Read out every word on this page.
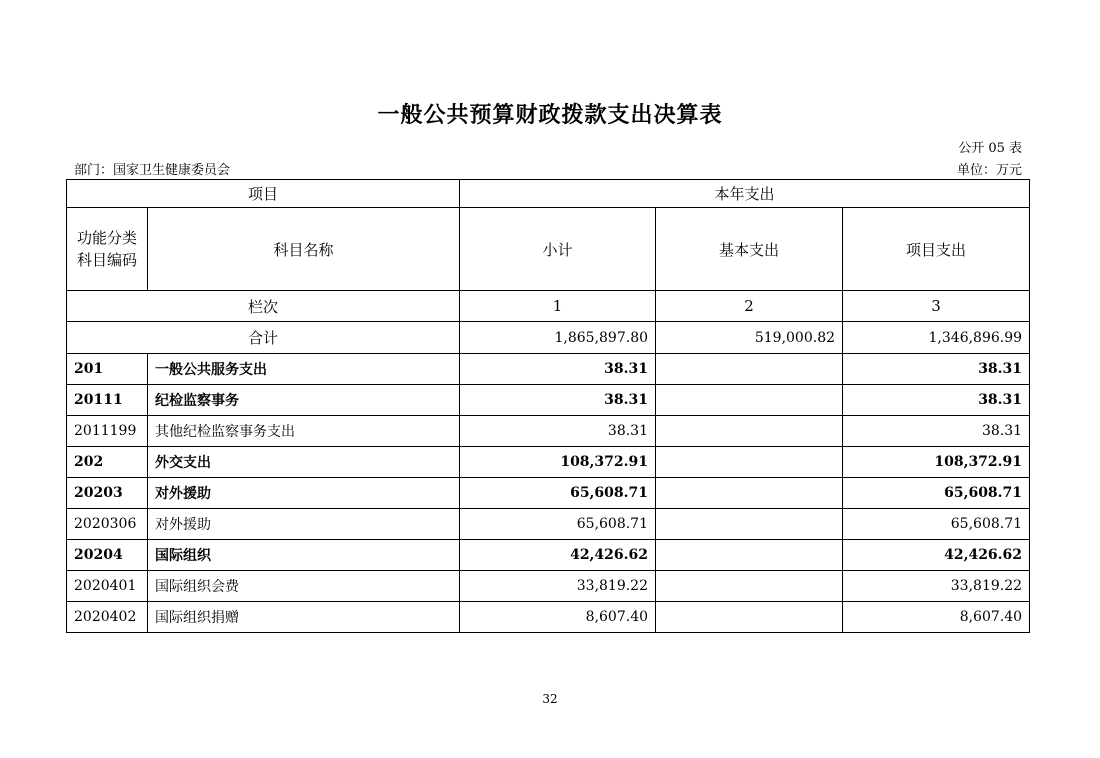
一般公共预算财政拨款支出决算表
公开 05 表
部门：国家卫生健康委员会	单位：万元
项目		本年支出		
功能分类科目编码	科目名称	小计	基本支出	项目支出
栏次		1	2	3
合计		1,865,897.80	519,000.82	1,346,896.99
201	一般公共服务支出	38.31		38.31
20111	纪检监察事务	38.31		38.31
2011199	其他纪检监察事务支出	38.31		38.31
202	外交支出	108,372.91		108,372.91
20203	对外援助	65,608.71		65,608.71
2020306	对外援助	65,608.71		65,608.71
20204	国际组织	42,426.62		42,426.62
2020401	国际组织会费	33,819.22		33,819.22
2020402	国际组织捐赠	8,607.40		8,607.40
32
